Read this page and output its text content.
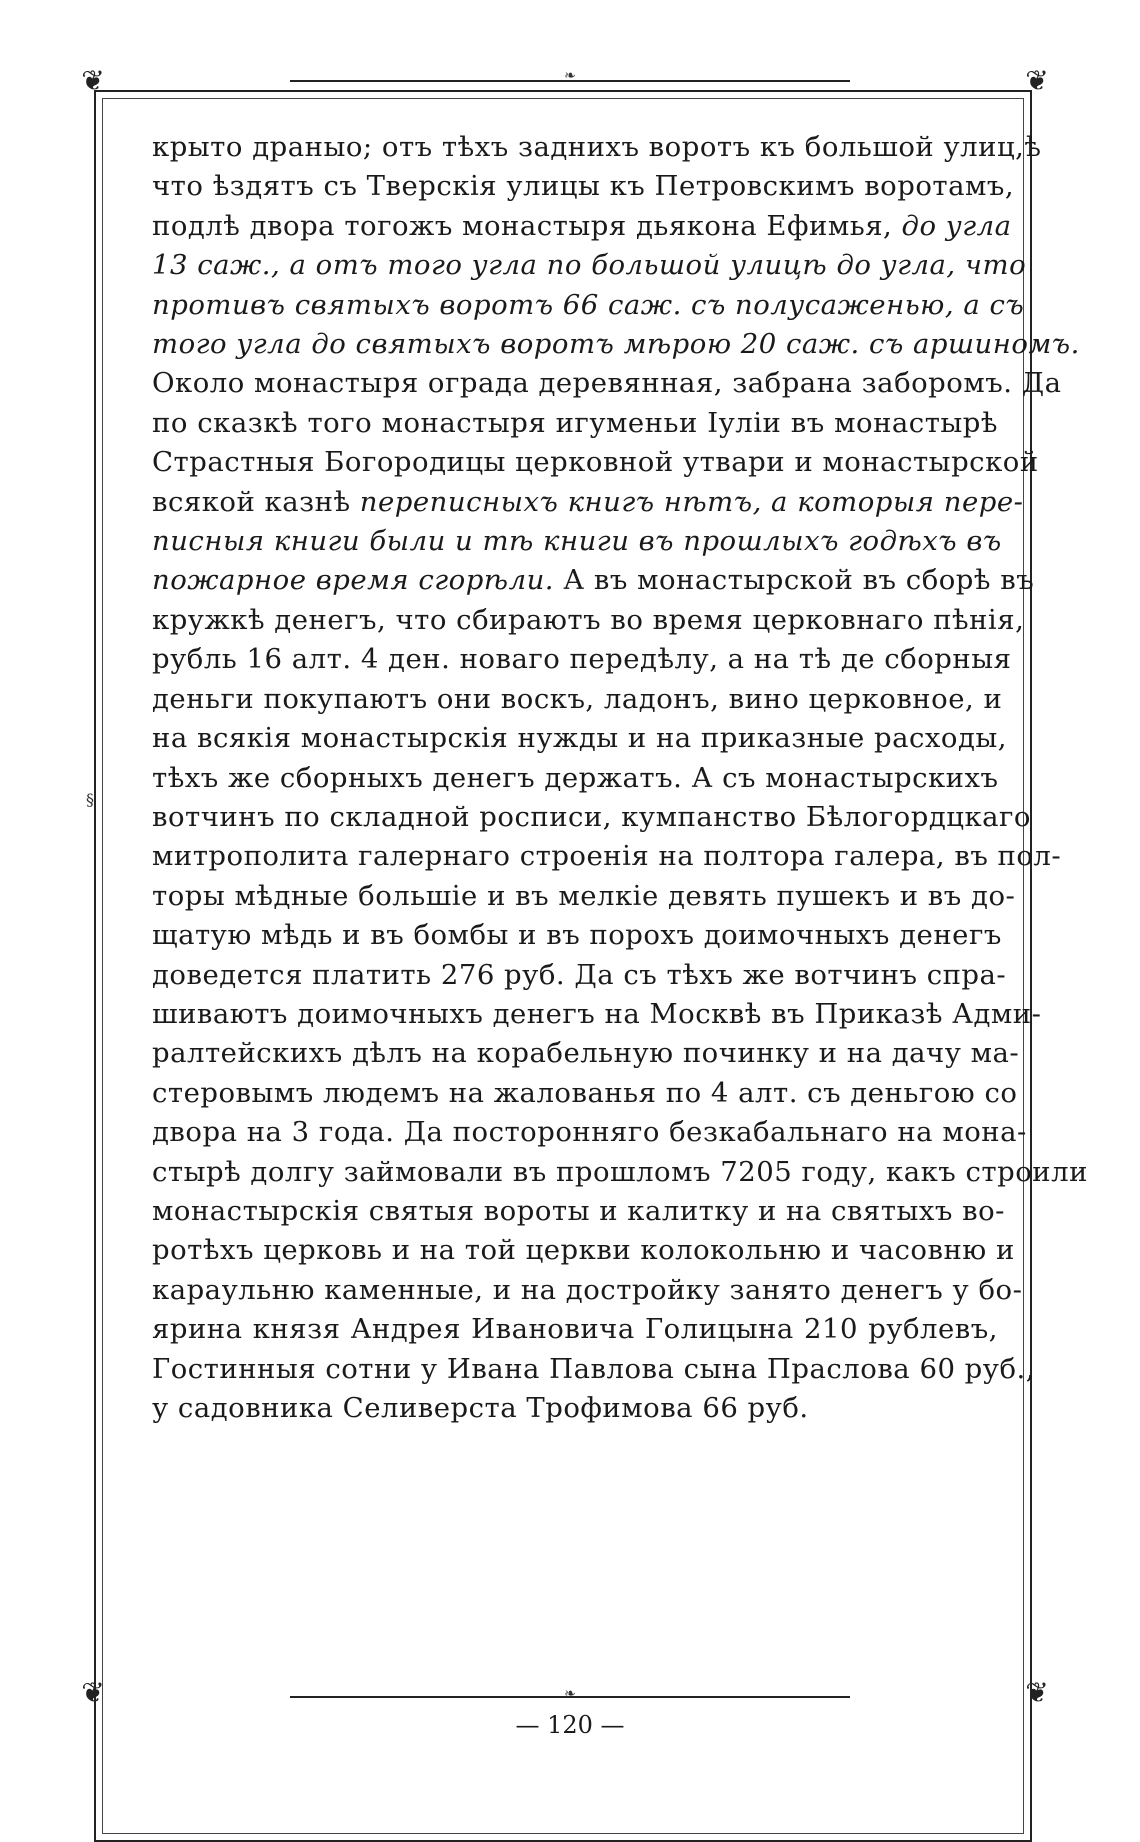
❦	❦
❦	❦
§
❧
❧
крыто драныо; отъ тѣхъ заднихъ воротъ къ большой улиц,ѣ
что ѣздятъ съ Тверскія улицы къ Петровскимъ воротамъ,
подлѣ двора тогожъ монастыря дьякона Ефимья, до угла
13 саж., а отъ того угла по большой улицѣ до угла, что
противъ святыхъ воротъ 66 саж. съ полусаженью, а съ
того угла до святыхъ воротъ мѣрою 20 саж. съ аршиномъ.
Около монастыря ограда деревянная, забрана заборомъ. Да
по сказкѣ того монастыря игуменьи Іуліи въ монастырѣ
Страстныя Богородицы церковной утвари и монастырской
всякой казнѣ переписныхъ книгъ нѣтъ, а которыя пере-
писныя книги были и тѣ книги въ прошлыхъ годѣхъ въ
пожарное время сгорѣли. А въ монастырской въ сборѣ въ
кружкѣ денегъ, что сбираютъ во время церковнаго пѣнія,
рубль 16 алт. 4 ден. новаго передѣлу, а на тѣ де сборныя
деньги покупаютъ они воскъ, ладонъ, вино церковное, и
на всякія монастырскія нужды и на приказные расходы,
тѣхъ же сборныхъ денегъ держатъ. А съ монастырскихъ
вотчинъ по складной росписи, кумпанство Бѣлогордцкаго
митрополита галернаго строенія на полтора галера, въ пол-
торы мѣдные большіе и въ мелкіе девять пушекъ и въ до-
щатую мѣдь и въ бомбы и въ порохъ доимочныхъ денегъ
доведется платить 276 руб. Да съ тѣхъ же вотчинъ спра-
шиваютъ доимочныхъ денегъ на Москвѣ въ Приказѣ Адми-
ралтейскихъ дѣлъ на корабельную починку и на дачу ма-
стеровымъ людемъ на жалованья по 4 алт. съ деньгою со
двора на 3 года. Да посторонняго безкабальнаго на мона-
стырѣ долгу займовали въ прошломъ 7205 году, какъ строили
монастырскія святыя вороты и калитку и на святыхъ во-
ротѣхъ церковь и на той церкви колокольню и часовню и
караульню каменные, и на достройку занято денегъ у бо-
ярина князя Андрея Ивановича Голицына 210 рублевъ,
Гостинныя сотни у Ивана Павлова сына Праслова 60 руб.,
у садовника Селиверста Трофимова 66 руб.
— 120 —
